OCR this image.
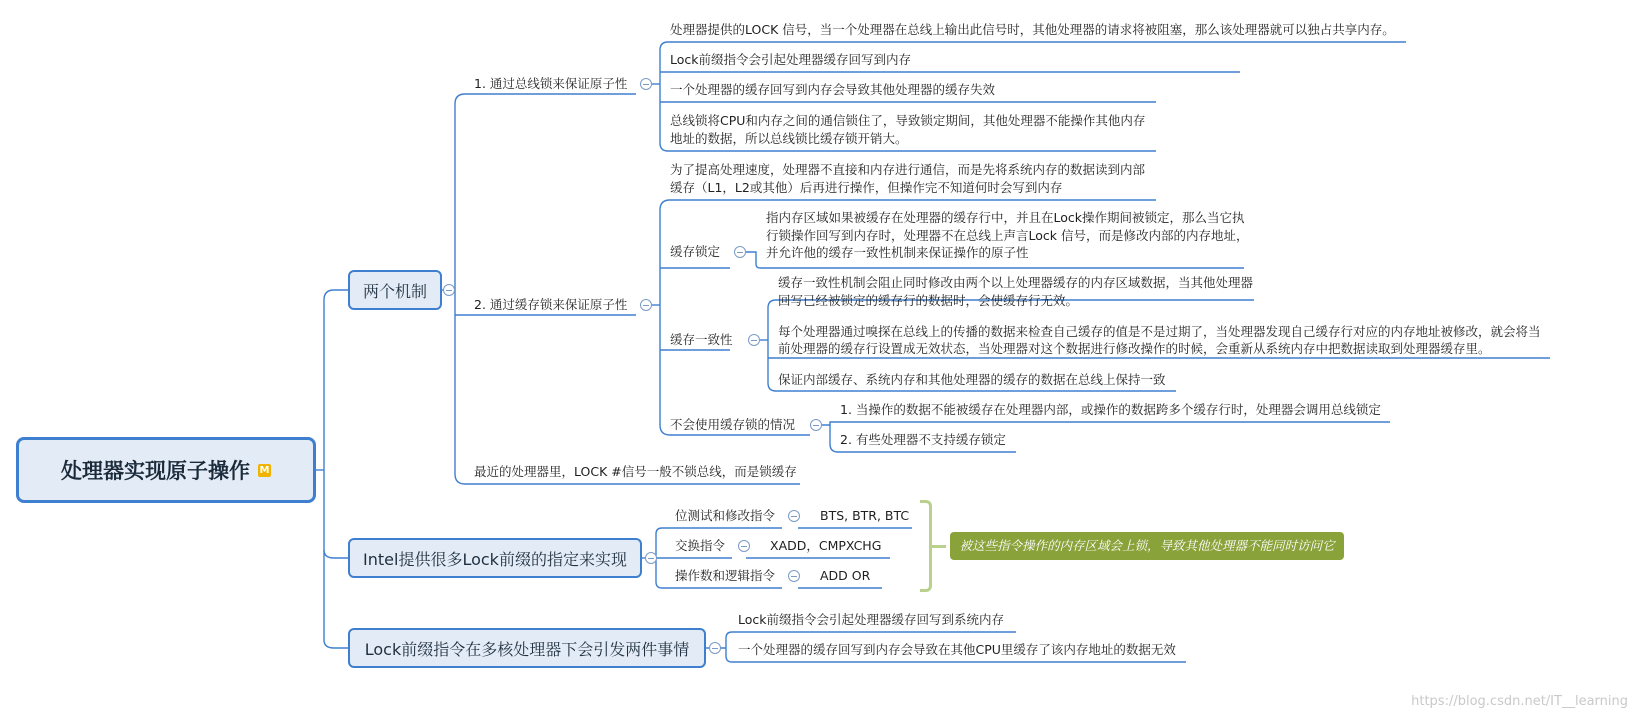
处理器实现原子操作 M
两个机制
Intel提供很多Lock前缀的指定来实现
Lock前缀指令在多核处理器下会引发两件事情
1. 通过总线锁来保证原子性
处理器提供的LOCK 信号，当一个处理器在总线上输出此信号时，其他处理器的请求将被阻塞，那么该处理器就可以独占共享内存。
Lock前缀指令会引起处理器缓存回写到内存
一个处理器的缓存回写到内存会导致其他处理器的缓存失效
总线锁将CPU和内存之间的通信锁住了，导致锁定期间，其他处理器不能操作其他内存
地址的数据，所以总线锁比缓存锁开销大。
2. 通过缓存锁来保证原子性
为了提高处理速度，处理器不直接和内存进行通信，而是先将系统内存的数据读到内部
缓存（L1，L2或其他）后再进行操作，但操作完不知道何时会写到内存
缓存锁定
指内存区域如果被缓存在处理器的缓存行中，并且在Lock操作期间被锁定，那么当它执
行锁操作回写到内存时，处理器不在总线上声言Lock 信号，而是修改内部的内存地址，
并允许他的缓存一致性机制来保证操作的原子性
缓存一致性
缓存一致性机制会阻止同时修改由两个以上处理器缓存的内存区域数据，当其他处理器
回写已经被锁定的缓存行的数据时，会使缓存行无效。
每个处理器通过嗅探在总线上的传播的数据来检查自己缓存的值是不是过期了，当处理器发现自己缓存行对应的内存地址被修改，就会将当
前处理器的缓存行设置成无效状态，当处理器对这个数据进行修改操作的时候，会重新从系统内存中把数据读取到处理器缓存里。
保证内部缓存、系统内存和其他处理器的缓存的数据在总线上保持一致
不会使用缓存锁的情况
1. 当操作的数据不能被缓存在处理器内部，或操作的数据跨多个缓存行时，处理器会调用总线锁定
2. 有些处理器不支持缓存锁定
最近的处理器里，LOCK #信号一般不锁总线，而是锁缓存
位测试和修改指令	BTS, BTR, BTC
交换指令	XADD，CMPXCHG
操作数和逻辑指令	ADD OR
被这些指令操作的内存区域会上锁，导致其他处理器不能同时访问它
Lock前缀指令会引起处理器缓存回写到系统内存
一个处理器的缓存回写到内存会导致在其他CPU里缓存了该内存地址的数据无效
https://blog.csdn.net/IT__learning
